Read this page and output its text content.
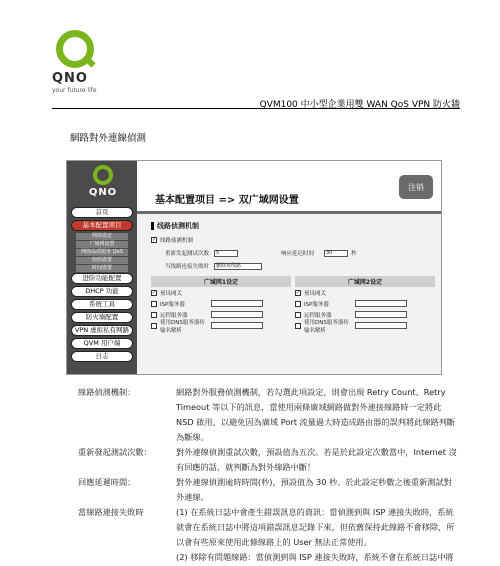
QNO
your future life
QVM100 中小型企業用雙 WAN QoS VPN 防火牆
網路對外連線偵測
QNO
首页
基本配置项目
网络设定
广域网设置
网络品质服务 QoS
密码设置
时间设置
进阶功能配置
DHCP 功能
系统工具
防火墙配置
VPN 虚拟私有网路
QVM 用户端
日志
基本配置项目 => 双广域网设置
注销
线路侦测机制
✓ 线路侦测机制
重新发起测试次数	5	响应延迟时间	30	秒
当线路连接失败时	删除该线路
广域网1设定
✓ 预设网关
ISP服务器
远程服务器
使用DNS服务器传输名解析
广域网2设定
✓ 预设网关
ISP服务器
远程服务器
使用DNS服务器传输名解析
線路偵測機制：	網路對外服務偵測機制，若勾選此項設定，則會出現 Retry Count、Retry Timeout 等以下的訊息，當使用兩條廣域網路做對外連接線路時一定將此 NSD 啟用，以避免因為廣域 Port 流量過大時造成路由器的誤判將此線路判斷為斷線。
重新發起測試次數：	對外連線偵測重試次數，預設值為五次。若是於此設定次數當中，Internet 沒有回應的話，就判斷為對外線路中斷！
回應延遲時間：	對外連線偵測逾時時間(秒)，預設值為 30 秒。於此設定秒數之後重新測試對外連線。
當線路連接失敗時	(1) 在系統日誌中會產生錯誤訊息的資訊：當偵測到與 ISP 連接失敗時，系統就會在系統日誌中將這項錯誤訊息記錄下來，但依舊保持此線路不會移除，所以會有些原來使用此條線路上的 User 無法正常使用。
(2) 移除有問題線路：當偵測到與 ISP 連接失敗時，系統不會在系統日誌中將
